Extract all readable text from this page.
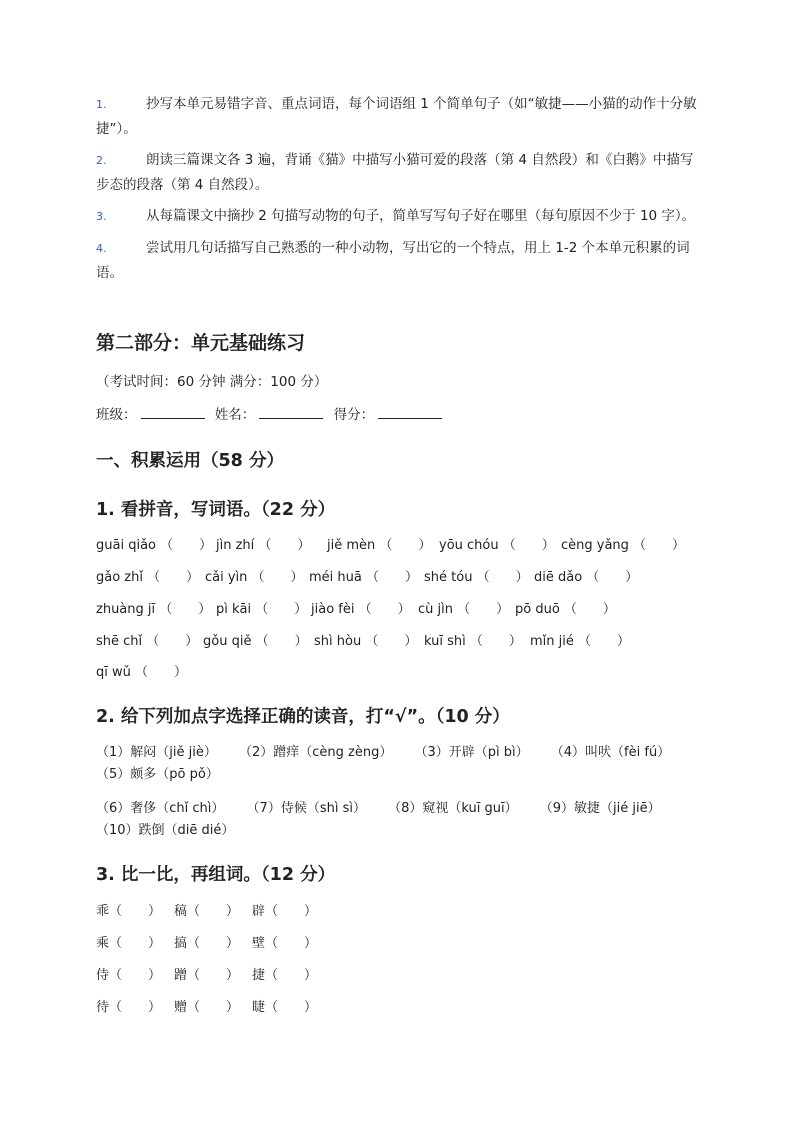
1.	抄写本单元易错字音、重点词语，每个词语组 1 个简单句子（如“敏捷——小猫的动作十分敏捷”）。
2.	朗读三篇课文各 3 遍，背诵《猫》中描写小猫可爱的段落（第 4 自然段）和《白鹅》中描写步态的段落（第 4 自然段）。
3.	从每篇课文中摘抄 2 句描写动物的句子，简单写写句子好在哪里（每句原因不少于 10 字）。
4.	尝试用几句话描写自己熟悉的一种小动物，写出它的一个特点，用上 1-2 个本单元积累的词语。
第二部分：单元基础练习
（考试时间：60 分钟 满分：100 分）
班级：	姓名：	得分：
一、积累运用（58 分）
1. 看拼音，写词语。（22 分）
guāi qiǎo （　　） jìn zhí （　　） jiě mèn （　　） yōu chóu （　　） cèng yǎng （　　）
gǎo zhǐ （　　） cǎi yìn （　　） méi huā （　　） shé tóu （　　） diē dǎo （　　）
zhuàng jī （　　） pì kāi （　　） jiào fèi （　　） cù jìn （　　） pō duō （　　）
shē chǐ （　　） gǒu qiě （　　） shì hòu （　　） kuī shì （　　） mǐn jié （　　）
qī wǔ （　　）
2. 给下列加点字选择正确的读音，打“√”。（10 分）
（1）解闷（jiě jiè） （2）蹭痒（cèng zèng） （3）开辟（pì bì） （4）叫吠（fèi fú） （5）颇多（pō pǒ）
（6）奢侈（chǐ chì） （7）侍候（shì sì） （8）窥视（kuī guī） （9）敏捷（jié jiē） （10）跌倒（diē dié）
3. 比一比，再组词。（12 分）
乖（　　） 稿（　　） 辟（　　）
乘（　　） 搞（　　） 壁（　　）
侍（　　） 蹭（　　） 捷（　　）
待（　　） 赠（　　） 睫（　　）
